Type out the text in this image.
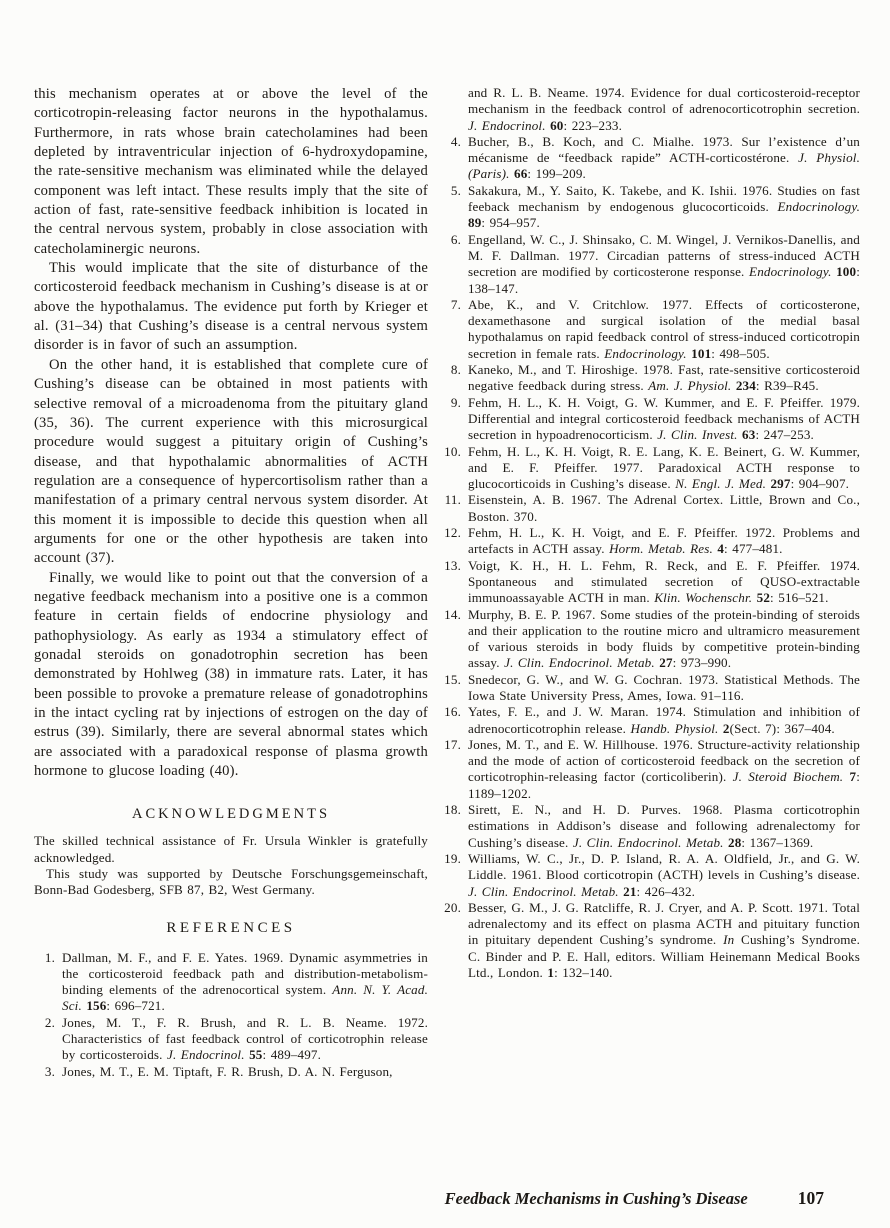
this mechanism operates at or above the level of the corticotropin-releasing factor neurons in the hypothalamus. Furthermore, in rats whose brain catecholamines had been depleted by intraventricular injection of 6-hydroxydopamine, the rate-sensitive mechanism was eliminated while the delayed component was left intact. These results imply that the site of action of fast, rate-sensitive feedback inhibition is located in the central nervous system, probably in close association with catecholaminergic neurons.

This would implicate that the site of disturbance of the corticosteroid feedback mechanism in Cushing’s disease is at or above the hypothalamus. The evidence put forth by Krieger et al. (31–34) that Cushing’s disease is a central nervous system disorder is in favor of such an assumption.

On the other hand, it is established that complete cure of Cushing’s disease can be obtained in most patients with selective removal of a microadenoma from the pituitary gland (35, 36). The current experience with this microsurgical procedure would suggest a pituitary origin of Cushing’s disease, and that hypothalamic abnormalities of ACTH regulation are a consequence of hypercortisolism rather than a manifestation of a primary central nervous system disorder. At this moment it is impossible to decide this question when all arguments for one or the other hypothesis are taken into account (37).

Finally, we would like to point out that the conversion of a negative feedback mechanism into a positive one is a common feature in certain fields of endocrine physiology and pathophysiology. As early as 1934 a stimulatory effect of gonadal steroids on gonadotrophin secretion has been demonstrated by Hohlweg (38) in immature rats. Later, it has been possible to provoke a premature release of gonadotrophins in the intact cycling rat by injections of estrogen on the day of estrus (39). Similarly, there are several abnormal states which are associated with a paradoxical response of plasma growth hormone to glucose loading (40).

ACKNOWLEDGMENTS

The skilled technical assistance of Fr. Ursula Winkler is gratefully acknowledged.

This study was supported by Deutsche Forschungsgemeinschaft, Bonn-Bad Godesberg, SFB 87, B2, West Germany.

REFERENCES
1. Dallman, M. F., and F. E. Yates. 1969. Dynamic asymmetries in the corticosteroid feedback path and distribution-metabolism-binding elements of the adrenocortical system. Ann. N. Y. Acad. Sci. 156: 696–721.
2. Jones, M. T., F. R. Brush, and R. L. B. Neame. 1972. Characteristics of fast feedback control of corticotrophin release by corticosteroids. J. Endocrinol. 55: 489–497.
3. Jones, M. T., E. M. Tiptaft, F. R. Brush, D. A. N. Ferguson,
and R. L. B. Neame. 1974. Evidence for dual corticosteroid-receptor mechanism in the feedback control of adrenocorticotrophin secretion. J. Endocrinol. 60: 223–233.
4. Bucher, B., B. Koch, and C. Mialhe. 1973. Sur l’existence d’un mécanisme de “feedback rapide” ACTH-corticostérone. J. Physiol. (Paris). 66: 199–209.
5. Sakakura, M., Y. Saito, K. Takebe, and K. Ishii. 1976. Studies on fast feeback mechanism by endogenous glucocorticoids. Endocrinology. 89: 954–957.
6. Engelland, W. C., J. Shinsako, C. M. Wingel, J. Vernikos-Danellis, and M. F. Dallman. 1977. Circadian patterns of stress-induced ACTH secretion are modified by corticosterone response. Endocrinology. 100: 138–147.
7. Abe, K., and V. Critchlow. 1977. Effects of corticosterone, dexamethasone and surgical isolation of the medial basal hypothalamus on rapid feedback control of stress-induced corticotropin secretion in female rats. Endocrinology. 101: 498–505.
8. Kaneko, M., and T. Hiroshige. 1978. Fast, rate-sensitive corticosteroid negative feedback during stress. Am. J. Physiol. 234: R39–R45.
9. Fehm, H. L., K. H. Voigt, G. W. Kummer, and E. F. Pfeiffer. 1979. Differential and integral corticosteroid feedback mechanisms of ACTH secretion in hypoadrenocorticism. J. Clin. Invest. 63: 247–253.
10. Fehm, H. L., K. H. Voigt, R. E. Lang, K. E. Beinert, G. W. Kummer, and E. F. Pfeiffer. 1977. Paradoxical ACTH response to glucocorticoids in Cushing’s disease. N. Engl. J. Med. 297: 904–907.
11. Eisenstein, A. B. 1967. The Adrenal Cortex. Little, Brown and Co., Boston. 370.
12. Fehm, H. L., K. H. Voigt, and E. F. Pfeiffer. 1972. Problems and artefacts in ACTH assay. Horm. Metab. Res. 4: 477–481.
13. Voigt, K. H., H. L. Fehm, R. Reck, and E. F. Pfeiffer. 1974. Spontaneous and stimulated secretion of QUSO-extractable immunoassayable ACTH in man. Klin. Wochenschr. 52: 516–521.
14. Murphy, B. E. P. 1967. Some studies of the protein-binding of steroids and their application to the routine micro and ultramicro measurement of various steroids in body fluids by competitive protein-binding assay. J. Clin. Endocrinol. Metab. 27: 973–990.
15. Snedecor, G. W., and W. G. Cochran. 1973. Statistical Methods. The Iowa State University Press, Ames, Iowa. 91–116.
16. Yates, F. E., and J. W. Maran. 1974. Stimulation and inhibition of adrenocorticotrophin release. Handb. Physiol. 2(Sect. 7): 367–404.
17. Jones, M. T., and E. W. Hillhouse. 1976. Structure-activity relationship and the mode of action of corticosteroid feedback on the secretion of corticotrophin-releasing factor (corticoliberin). J. Steroid Biochem. 7: 1189–1202.
18. Sirett, E. N., and H. D. Purves. 1968. Plasma corticotrophin estimations in Addison’s disease and following adrenalectomy for Cushing’s disease. J. Clin. Endocrinol. Metab. 28: 1367–1369.
19. Williams, W. C., Jr., D. P. Island, R. A. A. Oldfield, Jr., and G. W. Liddle. 1961. Blood corticotropin (ACTH) levels in Cushing’s disease. J. Clin. Endocrinol. Metab. 21: 426–432.
20. Besser, G. M., J. G. Ratcliffe, R. J. Cryer, and A. P. Scott. 1971. Total adrenalectomy and its effect on plasma ACTH and pituitary function in pituitary dependent Cushing’s syndrome. In Cushing’s Syndrome. C. Binder and P. E. Hall, editors. William Heinemann Medical Books Ltd., London. 1: 132–140.
Feedback Mechanisms in Cushing’s Disease	107
